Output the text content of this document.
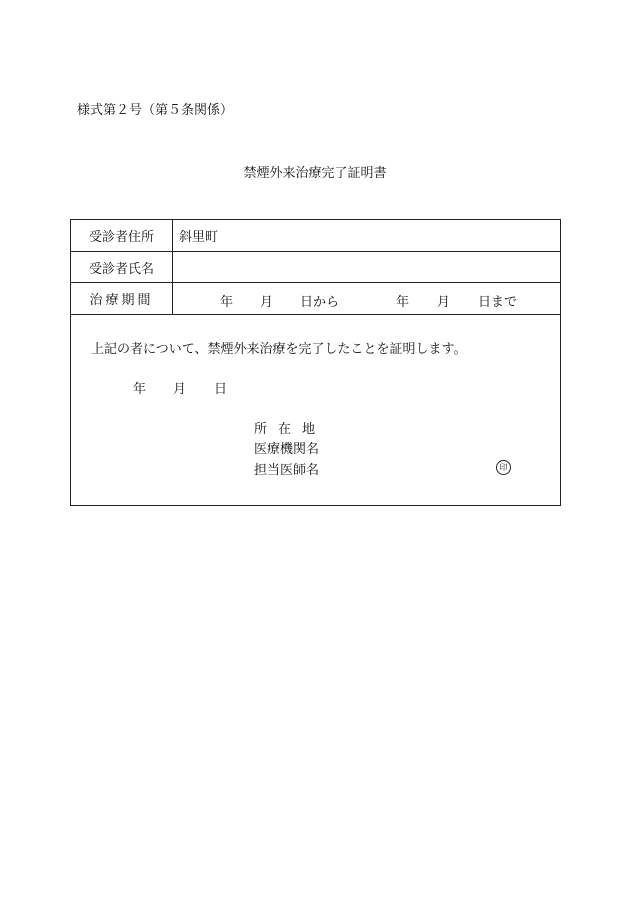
様式第２号（第５条関係）
禁煙外来治療完了証明書
受診者住所	斜里町
受診者氏名
治療期間	年 月 日から	年 月 日まで
上記の者について、禁煙外来治療を完了したことを証明します。
年 月 日
所在地
医療機関名
担当医師名	印
